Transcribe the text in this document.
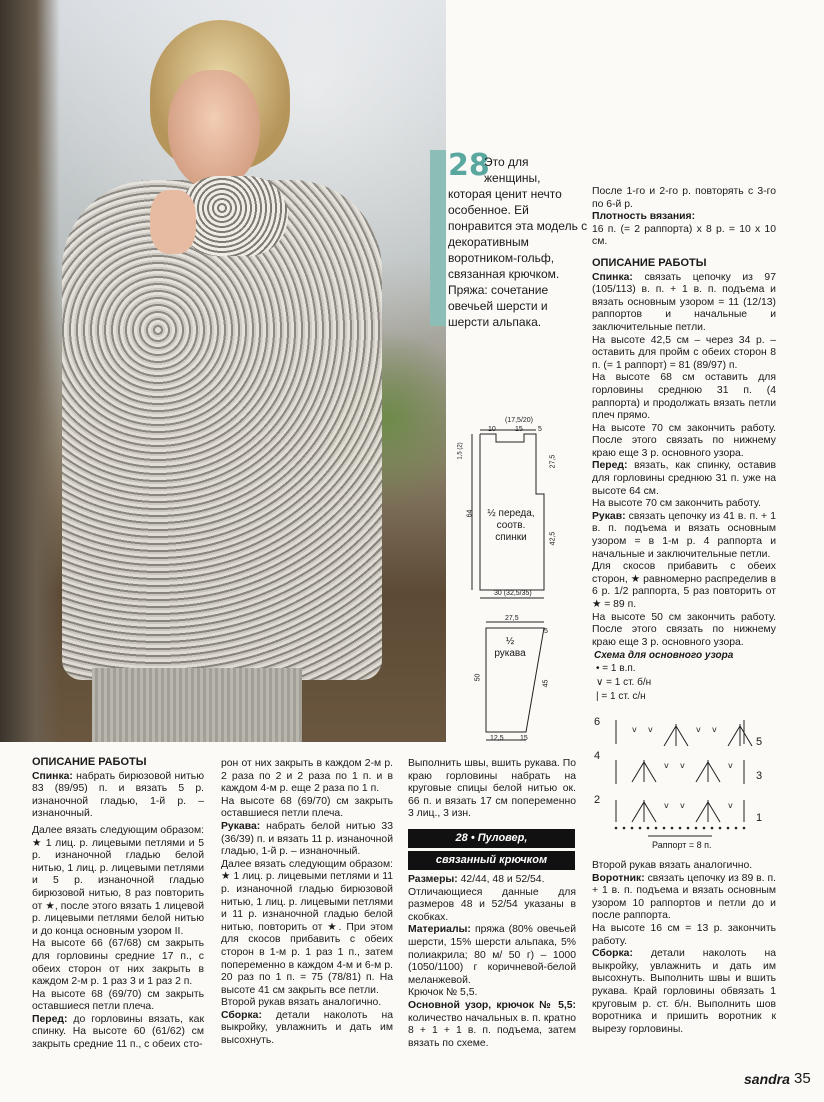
28
Это для
женщины,
которая ценит нечто особенное. Ей понравится эта модель с декоративным воротником-гольф, связанная крючком. Пряжа: сочетание овечьей шерсти и шерсти альпака.

После 1-го и 2-го р. повторять с 3-го по 6-й р.

Плотность вязания:

16 п. (= 2 раппорта) х 8 р. = 10 х 10 см.

ОПИСАНИЕ РАБОТЫ

Спинка: связать цепочку из 97 (105/113) в. п. + 1 в. п. подъема и вязать основным узором = 11 (12/13) раппортов и начальные и заключительные петли.

На высоте 42,5 см – через 34 р. – оставить для пройм с обеих сторон 8 п. (= 1 раппорт) = 81 (89/97) п.

На высоте 68 см оставить для горловины среднюю 31 п. (4 раппорта) и продолжать вязать петли плеч прямо.

На высоте 70 см закончить работу. После этого связать по нижнему краю еще 3 р. основного узора.

Перед: вязать, как спинку, оставив для горловины среднюю 31 п. уже на высоте 64 см.

На высоте 70 см закончить работу.

Рукав: связать цепочку из 41 в. п. + 1 в. п. подъема и вязать основным узором = в 1-м р. 4 раппорта и начальные и заключительные петли.

Для скосов прибавить с обеих сторон, ★ равномерно распределив в 6 р. 1/2 раппорта, 5 раз повторить от ★ = 89 п.

На высоте 50 см закончить работу. После этого связать по нижнему краю еще 3 р. основного узора.

(17,5/20)
10	15 5
1,5 (2)
27,5
64
42,5
½ переда, соотв. спинки
30 (32,5/35)
27,5
5
50
45
½ рукава
12,5 15
Схема для основного узора
• = 1 в.п.
∨ = 1 ст. б/н
| = 1 ст. с/н
v v	v
v v	v
v v	v v
6
5
4
3
2
1
Раппорт = 8 п.

Второй рукав вязать аналогично.

Воротник: связать цепочку из 89 в. п. + 1 в. п. подъема и вязать основным узором 10 раппортов и петли до и после раппорта.

На высоте 16 см = 13 р. закончить работу.

Сборка: детали наколоть на выкройку, увлажнить и дать им высохнуть. Выполнить швы и вшить рукава. Край горловины обвязать 1 круговым р. ст. б/н. Выполнить шов воротника и пришить воротник к вырезу горловины.

ОПИСАНИЕ РАБОТЫ

Спинка: набрать бирюзовой нитью 83 (89/95) п. и вязать 5 р. изнаночной гладью, 1-й р. – изнаночный.

Далее вязать следующим образом: ★ 1 лиц. р. лицевыми петлями и 5 р. изнаночной гладью белой нитью, 1 лиц. р. лицевыми петлями и 5 р. изнаночной гладью бирюзовой нитью, 8 раз повторить от ★, после этого вязать 1 лицевой р. лицевыми петлями белой нитью и до конца основным узором II.

На высоте 66 (67/68) см закрыть для горловины средние 17 п., с обеих сторон от них закрыть в каждом 2-м р. 1 раз 3 и 1 раз 2 п.

На высоте 68 (69/70) см закрыть оставшиеся петли плеча.

Перед: до горловины вязать, как спинку. На высоте 60 (61/62) см закрыть средние 11 п., с обеих сто-

рон от них закрыть в каждом 2-м р. 2 раза по 2 и 2 раза по 1 п. и в каждом 4-м р. еще 2 раза по 1 п.

На высоте 68 (69/70) см закрыть оставшиеся петли плеча.

Рукава: набрать белой нитью 33 (36/39) п. и вязать 11 р. изнаночной гладью, 1-й р. – изнаночный.

Далее вязать следующим образом: ★ 1 лиц. р. лицевыми петлями и 11 р. изнаночной гладью бирюзовой нитью, 1 лиц. р. лицевыми петлями и 11 р. изнаночной гладью белой нитью, повторить от ★. При этом для скосов прибавить с обеих сторон в 1-м р. 1 раз 1 п., затем попеременно в каждом 4-м и 6-м р. 20 раз по 1 п. = 75 (78/81) п. На высоте 41 см закрыть все петли.

Второй рукав вязать аналогично.

Сборка: детали наколоть на выкройку, увлажнить и дать им высохнуть.

Выполнить швы, вшить рукава. По краю горловины набрать на круговые спицы белой нитью ок. 66 п. и вязать 17 см попеременно 3 лиц., 3 изн.

28 • Пуловер,
связанный крючком

Размеры: 42/44, 48 и 52/54.

Отличающиеся данные для размеров 48 и 52/54 указаны в скобках.

Материалы: пряжа (80% овечьей шерсти, 15% шерсти альпака, 5% полиакрила; 80 м/ 50 г) – 1000 (1050/1100) г коричневой-белой меланжевой.

Крючок № 5,5.

Основной узор, крючок № 5,5: количество начальных в. п. кратно 8 + 1 + 1 в. п. подъема, затем вязать по схеме.

sandra 35
